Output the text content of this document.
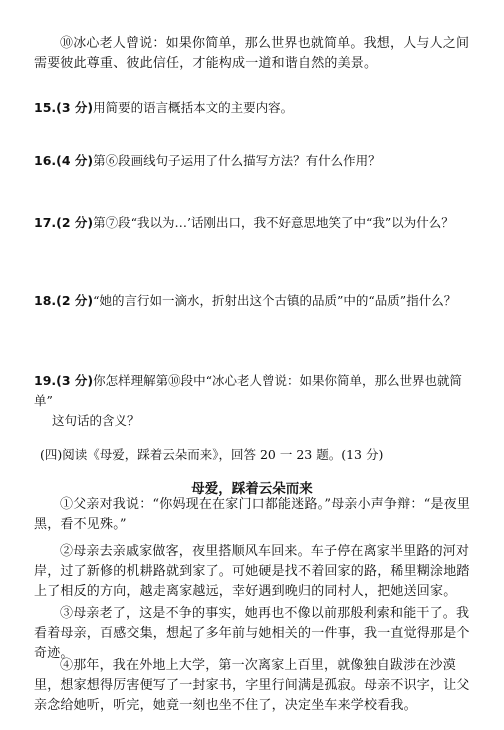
⑩冰心老人曾说：如果你简单，那么世界也就简单。我想，人与人之间需要彼此尊重、彼此信任，才能构成一道和谐自然的美景。
15.(3 分)用简要的语言概括本文的主要内容。
16.(4 分)第⑥段画线句子运用了什么描写方法？有什么作用？
17.(2 分)第⑦段“我以为…’话刚出口，我不好意思地笑了中“我”以为什么？
18.(2 分)“她的言行如一滴水，折射出这个古镇的品质”中的“品质”指什么？
19.(3 分)你怎样理解第⑩段中“冰心老人曾说：如果你简单，那么世界也就简单”
这句话的含义？
(四)阅读《母爱，踩着云朵而来》，回答 20 一 23 题。(13 分)
母爱，踩着云朵而来
①父亲对我说：“你妈现在在家门口都能迷路。”母亲小声争辩：“是夜里黑，看不见殊。”
②母亲去亲戚家做客，夜里搭顺风车回来。车子停在离家半里路的河对岸，过了新修的机耕路就到家了。可她硬是找不着回家的路，稀里糊涂地踏上了相反的方向，越走离家越远，幸好遇到晚归的同村人，把她送回家。
③母亲老了，这是不争的事实，她再也不像以前那般利索和能干了。我看着母亲，百感交集，想起了多年前与她相关的一件事，我一直觉得那是个奇迹。
④那年，我在外地上大学，第一次离家上百里，就像独自跋涉在沙漠里，想家想得厉害便写了一封家书，字里行间满是孤寂。母亲不识字，让父亲念给她听，听完，她竟一刻也坐不住了，决定坐车来学校看我。
